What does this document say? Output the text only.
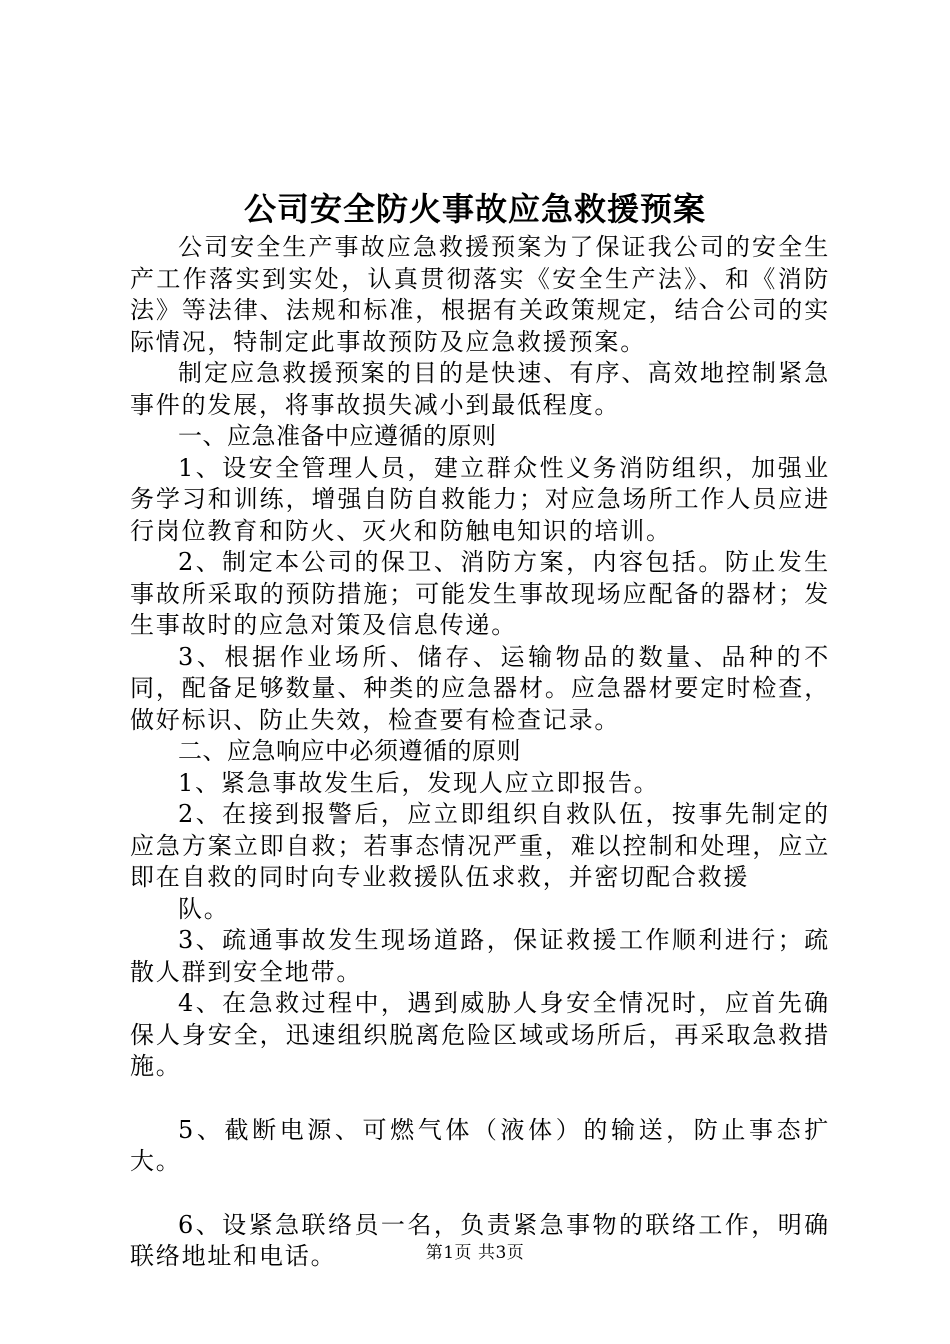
公司安全防火事故应急救援预案

公司安全生产事故应急救援预案为了保证我公司的安全生产工作落实到实处，认真贯彻落实《安全生产法》、和《消防法》等法律、法规和标准，根据有关政策规定，结合公司的实际情况，特制定此事故预防及应急救援预案。

制定应急救援预案的目的是快速、有序、高效地控制紧急事件的发展，将事故损失减小到最低程度。

一、应急准备中应遵循的原则

1、设安全管理人员，建立群众性义务消防组织，加强业务学习和训练，增强自防自救能力；对应急场所工作人员应进行岗位教育和防火、灭火和防触电知识的培训。

2、制定本公司的保卫、消防方案，内容包括。防止发生事故所采取的预防措施；可能发生事故现场应配备的器材；发生事故时的应急对策及信息传递。

3、根据作业场所、储存、运输物品的数量、品种的不同，配备足够数量、种类的应急器材。应急器材要定时检查，做好标识、防止失效，检查要有检查记录。

二、应急响应中必须遵循的原则

1、紧急事故发生后，发现人应立即报告。

2、在接到报警后，应立即组织自救队伍，按事先制定的应急方案立即自救；若事态情况严重，难以控制和处理，应立即在自救的同时向专业救援队伍求救，并密切配合救援

队。

3、疏通事故发生现场道路，保证救援工作顺利进行；疏散人群到安全地带。

4、在急救过程中，遇到威胁人身安全情况时，应首先确保人身安全，迅速组织脱离危险区域或场所后，再采取急救措施。

5、截断电源、可燃气体（液体）的输送，防止事态扩大。

6、设紧急联络员一名，负责紧急事物的联络工作，明确联络地址和电话。	第1页 共3页
